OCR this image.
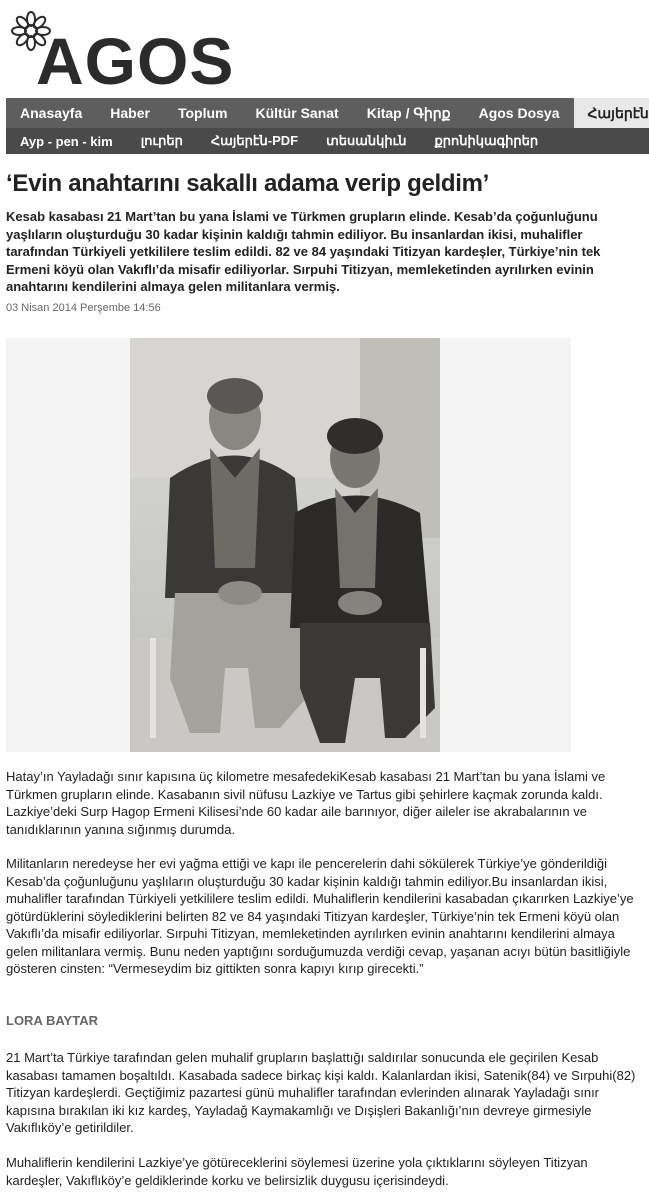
AGOS
Anasayfa	Haber	Toplum	Kültür Sanat	Kitap / Գիրք	Agos Dosya	Հայերէն
Ayp - pen - kim	լուրեր	Հայերէն-PDF	տեսանկիւն	քրոնիկագիրեր
‘Evin anahtarını sakallı adama verip geldim’

Kesab kasabası 21 Mart’tan bu yana İslami ve Türkmen grupların elinde. Kesab’da çoğunluğunu yaşlıların oluşturduğu 30 kadar kişinin kaldığı tahmin ediliyor. Bu insanlardan ikisi, muhalifler tarafından Türkiyeli yetkililere teslim edildi. 82 ve 84 yaşındaki Titizyan kardeşler, Türkiye’nin tek Ermeni köyü olan Vakıflı’da misafir ediliyorlar. Sırpuhi Titizyan, memleketinden ayrılırken evinin anahtarını kendilerini almaya gelen militanlara vermiş.

03 Nisan 2014 Perşembe 14:56

Hatay’ın Yayladağı sınır kapısına üç kilometre mesafedekiKesab kasabası 21 Mart’tan bu yana İslami ve Türkmen grupların elinde. Kasabanın sivil nüfusu Lazkiye ve Tartus gibi şehirlere kaçmak zorunda kaldı. Lazkiye’deki Surp Hagop Ermeni Kilisesi’nde 60 kadar aile barınıyor, diğer aileler ise akrabalarının ve tanıdıklarının yanına sığınmış durumda.

Militanların neredeyse her evi yağma ettiği ve kapı ile pencerelerin dahi sökülerek Türkiye’ye gönderildiği Kesab’da çoğunluğunu yaşlıların oluşturduğu 30 kadar kişinin kaldığı tahmin ediliyor.Bu insanlardan ikisi, muhalifler tarafından Türkiyeli yetkililere teslim edildi. Muhaliflerin kendilerini kasabadan çıkarırken Lazkiye’ye götürdüklerini söylediklerini belirten 82 ve 84 yaşındaki Titizyan kardeşler, Türkiye’nin tek Ermeni köyü olan Vakıflı’da misafir ediliyorlar. Sırpuhi Titizyan, memleketinden ayrılırken evinin anahtarını kendilerini almaya gelen militanlara vermiş. Bunu neden yaptığını sorduğumuzda verdiği cevap, yaşanan acıyı bütün basitliğiyle gösteren cinsten: “Vermeseydim biz gittikten sonra kapıyı kırıp girecekti.”

LORA BAYTAR

21 Mart’ta Türkiye tarafından gelen muhalif grupların başlattığı saldırılar sonucunda ele geçirilen Kesab kasabası tamamen boşaltıldı. Kasabada sadece birkaç kişi kaldı. Kalanlardan ikisi, Satenik(84) ve Sırpuhi(82) Titizyan kardeşlerdi. Geçtiğimiz pazartesi günü muhalifler tarafından evlerinden alınarak Yayladağı sınır kapısına bırakılan iki kız kardeş, Yayladağ Kaymakamlığı ve Dışişleri Bakanlığı’nın devreye girmesiyle Vakıflıköy’e getirildiler.

Muhaliflerin kendilerini Lazkiye’ye götüreceklerini söylemesi üzerine yola çıktıklarını söyleyen Titizyan kardeşler, Vakıflıköy’e geldiklerinde korku ve belirsizlik duygusu içerisindeydi.
